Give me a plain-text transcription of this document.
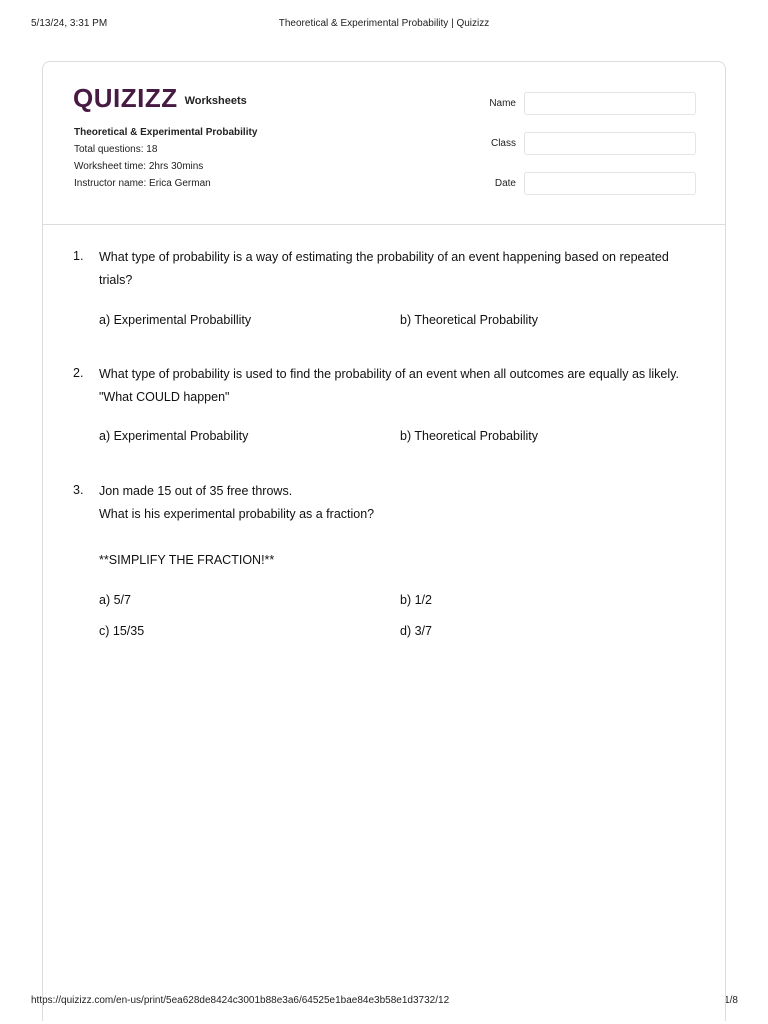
5/13/24, 3:31 PM	Theoretical & Experimental Probability | Quizizz
https://quizizz.com/en-us/print/5ea628de8424c3001b88e3a6/64525e1bae84e3b58e1d3732/12	1/8
QUIZIZZ Worksheets
Theoretical & Experimental Probability
Total questions: 18
Worksheet time: 2hrs 30mins
Instructor name: Erica German
Name
Class
Date
1. What type of probability is a way of estimating the probability of an event happening based on repeated trials?
a) Experimental Probabillity	b) Theoretical Probability
2. What type of probability is used to find the probability of an event when all outcomes are equally as likely. "What COULD happen"
a) Experimental Probability	b) Theoretical Probability
3. Jon made 15 out of 35 free throws.
What is his experimental probability as a fraction?
**SIMPLIFY THE FRACTION!**
a) 5/7	b) 1/2
c) 15/35	d) 3/7
